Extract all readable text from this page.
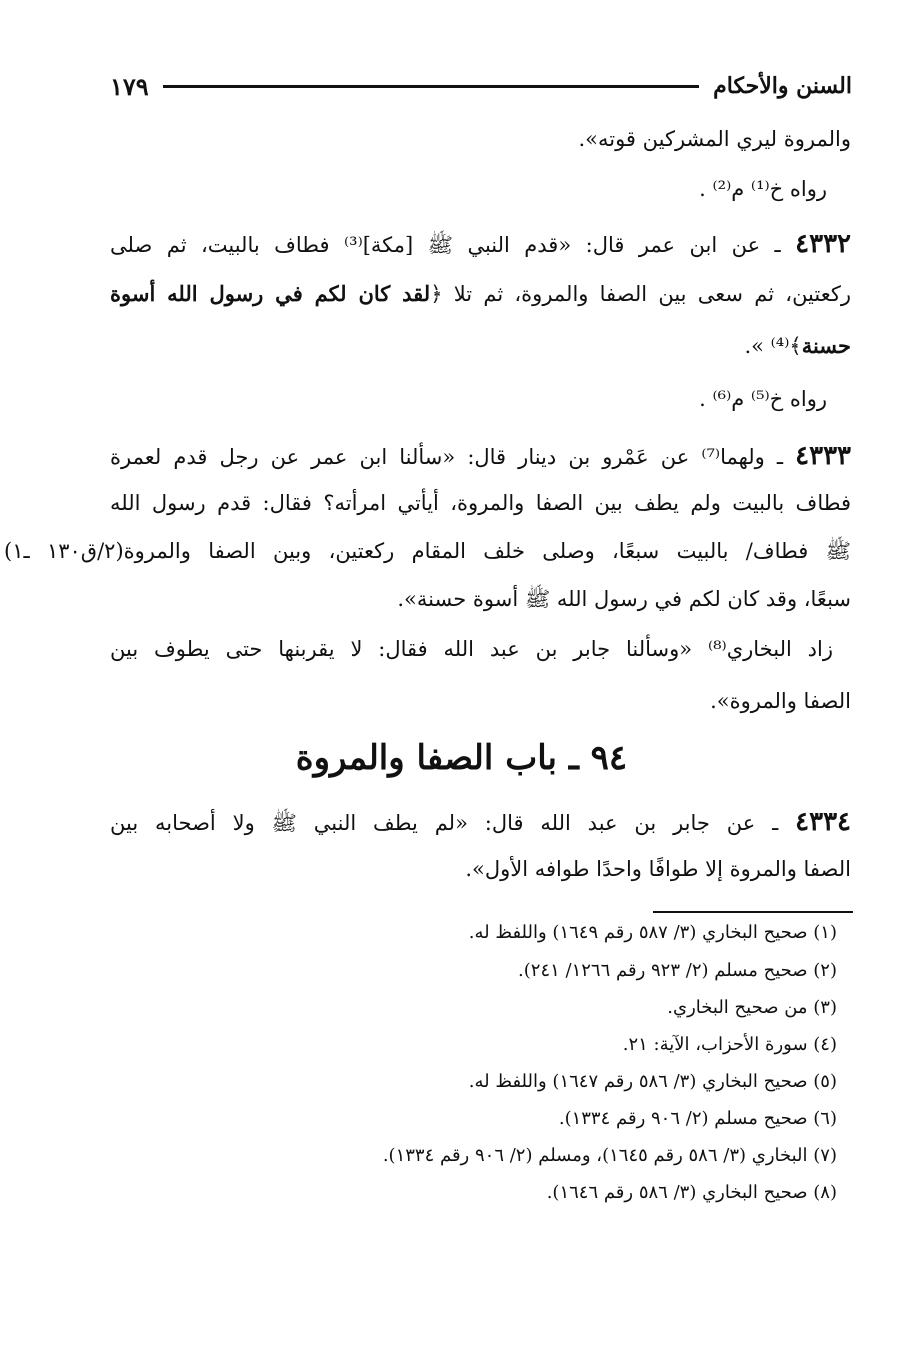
السنن والأحكام
١٧٩
والمروة ليري المشركين قوته».
رواه خ⁽¹⁾ م⁽²⁾ .
٤٣٣٢ ـ عن ابن عمر قال: «قدم النبي ﷺ [مكة]⁽³⁾ فطاف بالبيت، ثم صلى
ركعتين، ثم سعى بين الصفا والمروة، ثم تلا ﴿لقد كان لكم في رسول الله أسوة
حسنة﴾⁽⁴⁾ ».
رواه خ⁽⁵⁾ م⁽⁶⁾ .
٤٣٣٣ ـ ولهما⁽⁷⁾ عن عَمْرو بن دينار قال: «سألنا ابن عمر عن رجل قدم لعمرة
فطاف بالبيت ولم يطف بين الصفا والمروة، أيأتي امرأته؟ فقال: قدم رسول الله
ﷺ فطاف/ بالبيت سبعًا، وصلى خلف المقام ركعتين، وبين الصفا والمروة(٢/ق١٣٠ ـ١)
سبعًا، وقد كان لكم في رسول الله ﷺ أسوة حسنة».
زاد البخاري⁽⁸⁾ «وسألنا جابر بن عبد الله فقال: لا يقربنها حتى يطوف بين
الصفا والمروة».
٩٤ ـ باب الصفا والمروة
٤٣٣٤ ـ عن جابر بن عبد الله قال: «لم يطف النبي ﷺ ولا أصحابه بين
الصفا والمروة إلا طوافًا واحدًا طوافه الأول».
(١) صحيح البخاري (٣/ ٥٨٧ رقم ١٦٤٩) واللفظ له.
(٢) صحيح مسلم (٢/ ٩٢٣ رقم ١٢٦٦/ ٢٤١).
(٣) من صحيح البخاري.
(٤) سورة الأحزاب، الآية: ٢١.
(٥) صحيح البخاري (٣/ ٥٨٦ رقم ١٦٤٧) واللفظ له.
(٦) صحيح مسلم (٢/ ٩٠٦ رقم ١٣٣٤).
(٧) البخاري (٣/ ٥٨٦ رقم ١٦٤٥)، ومسلم (٢/ ٩٠٦ رقم ١٣٣٤).
(٨) صحيح البخاري (٣/ ٥٨٦ رقم ١٦٤٦).
